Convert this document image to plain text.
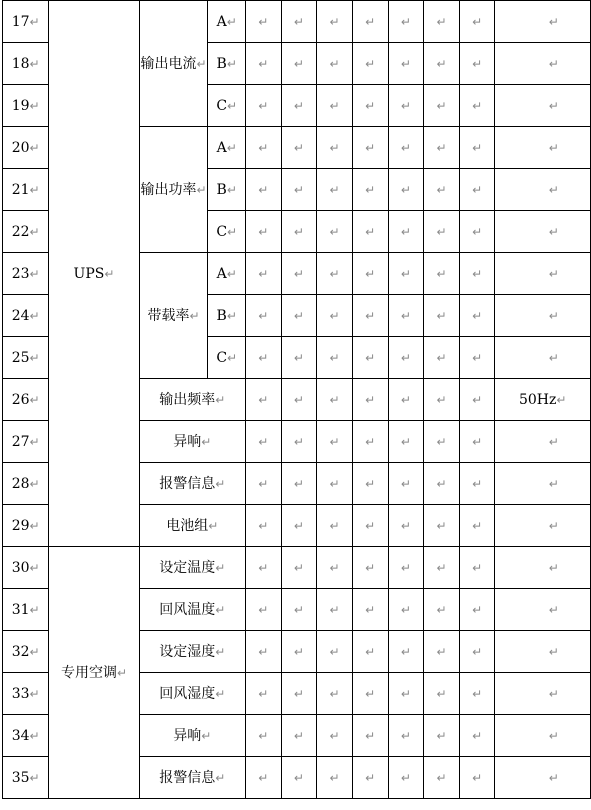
17↵	UPS↵	输出电流↵	A↵	↵	↵	↵	↵	↵	↵	↵	↵
18↵			B↵	↵	↵	↵	↵	↵	↵	↵	↵
19↵			C↵	↵	↵	↵	↵	↵	↵	↵	↵
20↵		输出功率↵	A↵	↵	↵	↵	↵	↵	↵	↵	↵
21↵			B↵	↵	↵	↵	↵	↵	↵	↵	↵
22↵			C↵	↵	↵	↵	↵	↵	↵	↵	↵
23↵		带载率↵	A↵	↵	↵	↵	↵	↵	↵	↵	↵
24↵			B↵	↵	↵	↵	↵	↵	↵	↵	↵
25↵			C↵	↵	↵	↵	↵	↵	↵	↵	↵
26↵		输出频率↵		↵	↵	↵	↵	↵	↵	↵	50Hz↵
27↵		异响↵		↵	↵	↵	↵	↵	↵	↵	↵
28↵		报警信息↵		↵	↵	↵	↵	↵	↵	↵	↵
29↵		电池组↵		↵	↵	↵	↵	↵	↵	↵	↵
30↵	专用空调↵	设定温度↵		↵	↵	↵	↵	↵	↵	↵	↵
31↵		回风温度↵		↵	↵	↵	↵	↵	↵	↵	↵
32↵		设定湿度↵		↵	↵	↵	↵	↵	↵	↵	↵
33↵		回风湿度↵		↵	↵	↵	↵	↵	↵	↵	↵
34↵		异响↵		↵	↵	↵	↵	↵	↵	↵	↵
35↵		报警信息↵		↵	↵	↵	↵	↵	↵	↵	↵
